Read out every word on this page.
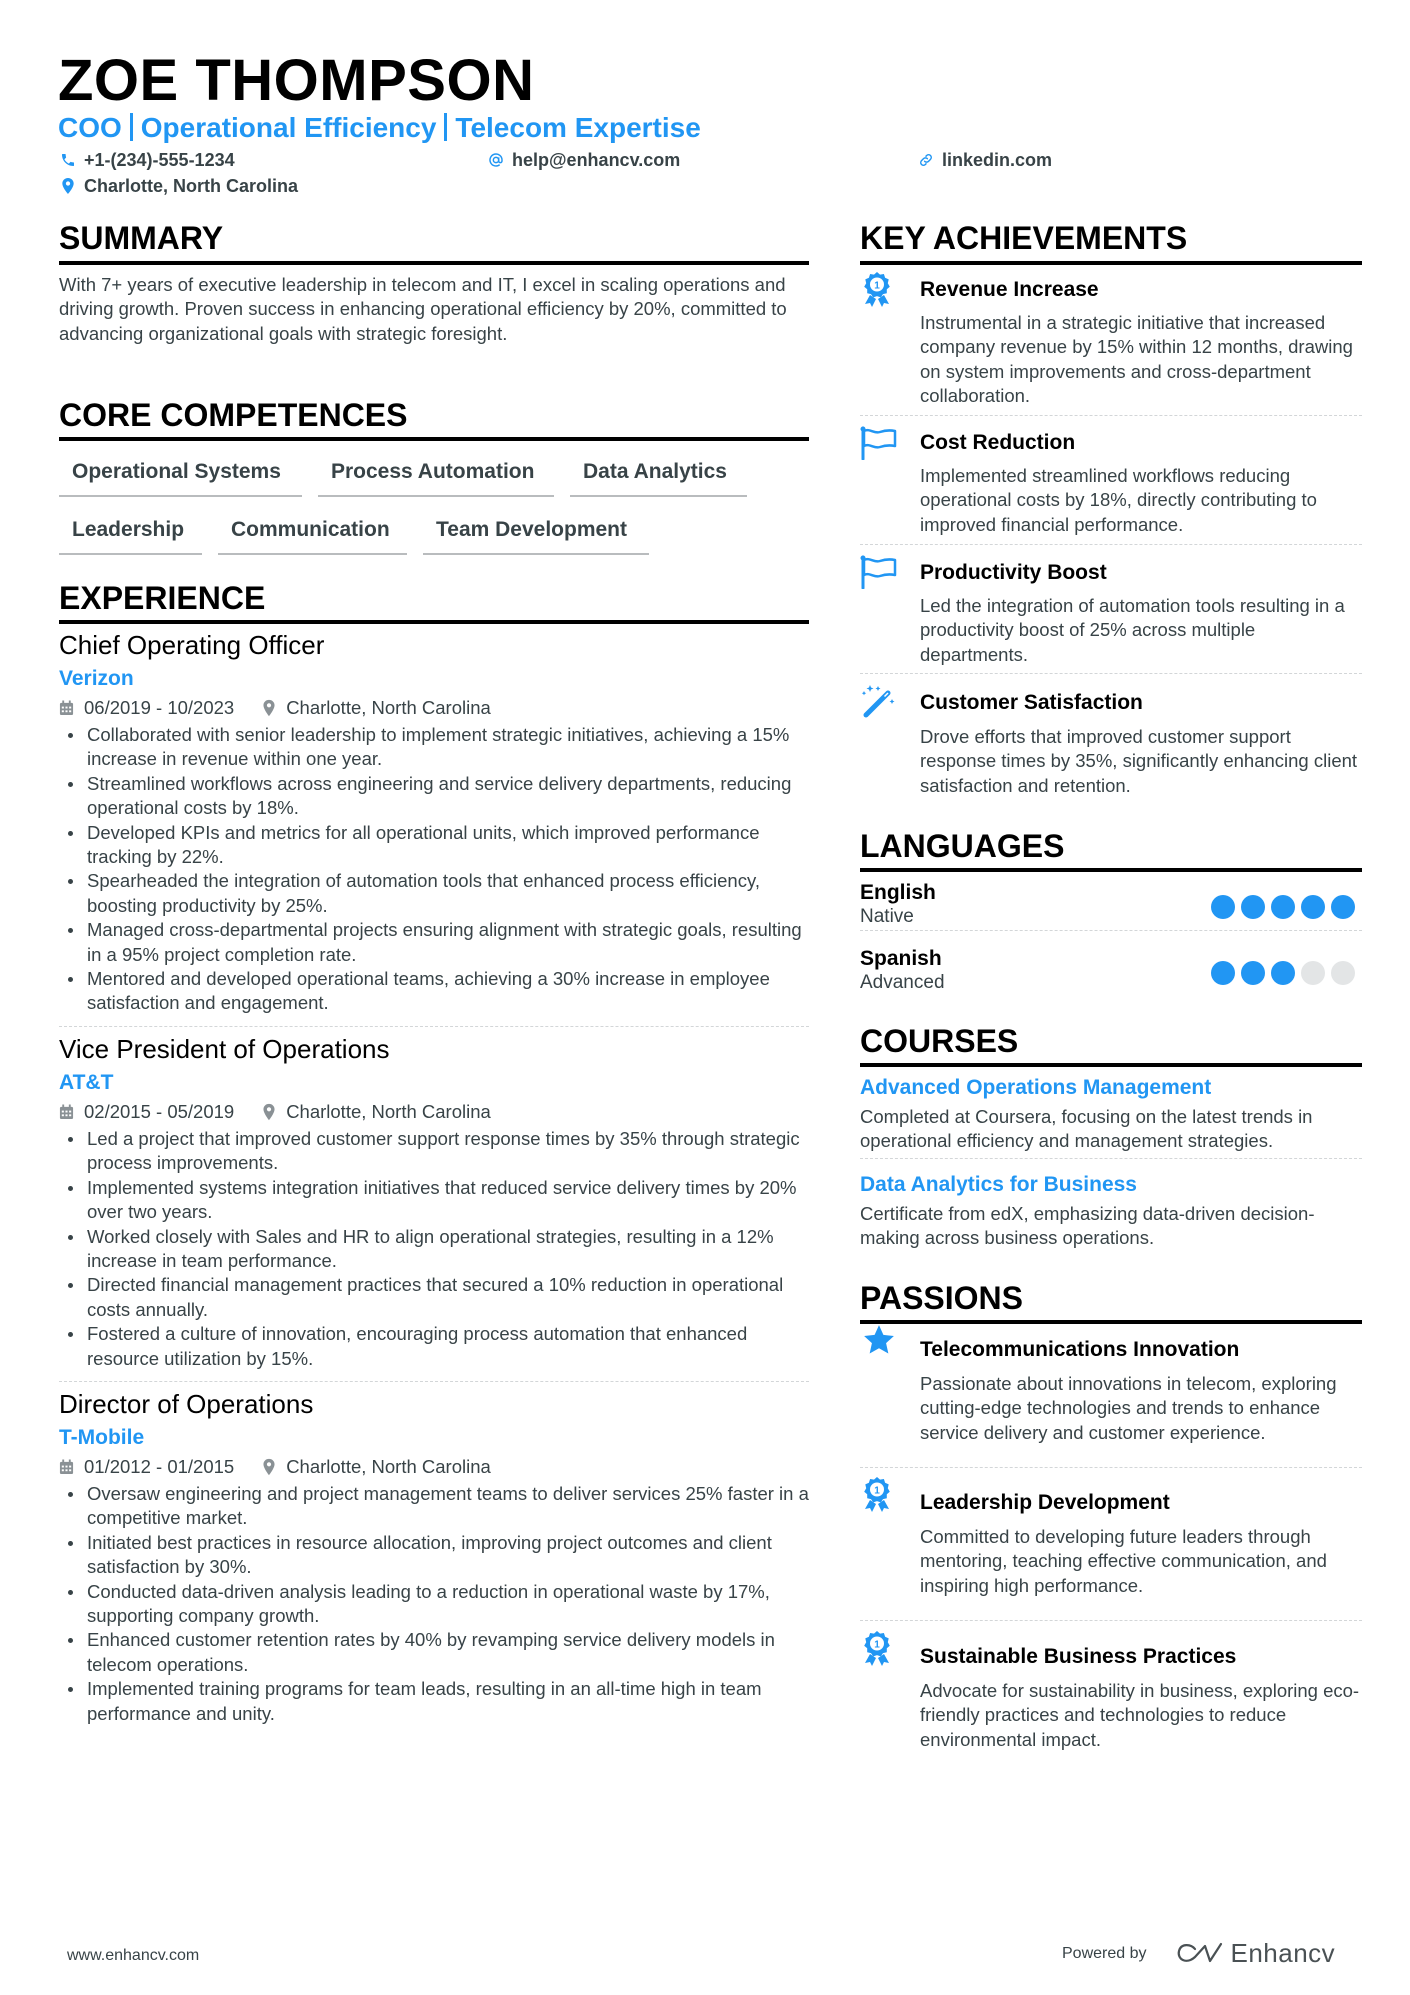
ZOE THOMPSON
COO Operational Efficiency Telecom Expertise
+1-(234)-555-1234	help@enhancv.com	linkedin.com
Charlotte, North Carolina
SUMMARY
With 7+ years of executive leadership in telecom and IT, I excel in scaling operations and driving growth. Proven success in enhancing operational efficiency by 20%, committed to advancing organizational goals with strategic foresight.
CORE COMPETENCES
Operational Systems	Process Automation	Data Analytics
Leadership	Communication	Team Development
EXPERIENCE
Chief Operating Officer
Verizon
06/2019 - 10/2023	Charlotte, North Carolina
Collaborated with senior leadership to implement strategic initiatives, achieving a 15% increase in revenue within one year.
Streamlined workflows across engineering and service delivery departments, reducing operational costs by 18%.
Developed KPIs and metrics for all operational units, which improved performance tracking by 22%.
Spearheaded the integration of automation tools that enhanced process efficiency, boosting productivity by 25%.
Managed cross-departmental projects ensuring alignment with strategic goals, resulting in a 95% project completion rate.
Mentored and developed operational teams, achieving a 30% increase in employee satisfaction and engagement.
Vice President of Operations
AT&T
02/2015 - 05/2019	Charlotte, North Carolina
Led a project that improved customer support response times by 35% through strategic process improvements.
Implemented systems integration initiatives that reduced service delivery times by 20% over two years.
Worked closely with Sales and HR to align operational strategies, resulting in a 12% increase in team performance.
Directed financial management practices that secured a 10% reduction in operational costs annually.
Fostered a culture of innovation, encouraging process automation that enhanced resource utilization by 15%.
Director of Operations
T-Mobile
01/2012 - 01/2015	Charlotte, North Carolina
Oversaw engineering and project management teams to deliver services 25% faster in a competitive market.
Initiated best practices in resource allocation, improving project outcomes and client satisfaction by 30%.
Conducted data-driven analysis leading to a reduction in operational waste by 17%, supporting company growth.
Enhanced customer retention rates by 40% by revamping service delivery models in telecom operations.
Implemented training programs for team leads, resulting in an all-time high in team performance and unity.
KEY ACHIEVEMENTS
1 Revenue Increase
Instrumental in a strategic initiative that increased company revenue by 15% within 12 months, drawing on system improvements and cross-department collaboration.
Cost Reduction
Implemented streamlined workflows reducing operational costs by 18%, directly contributing to improved financial performance.
Productivity Boost
Led the integration of automation tools resulting in a productivity boost of 25% across multiple departments.
Customer Satisfaction
Drove efforts that improved customer support response times by 35%, significantly enhancing client satisfaction and retention.
LANGUAGES
English
Native
Spanish
Advanced
COURSES
Advanced Operations Management
Completed at Coursera, focusing on the latest trends in operational efficiency and management strategies.
Data Analytics for Business
Certificate from edX, emphasizing data-driven decision-making across business operations.
PASSIONS
Telecommunications Innovation
Passionate about innovations in telecom, exploring cutting-edge technologies and trends to enhance service delivery and customer experience.
1 Leadership Development
Committed to developing future leaders through mentoring, teaching effective communication, and inspiring high performance.
1 Sustainable Business Practices
Advocate for sustainability in business, exploring eco-friendly practices and technologies to reduce environmental impact.
www.enhancv.com	Powered by	Enhancv
